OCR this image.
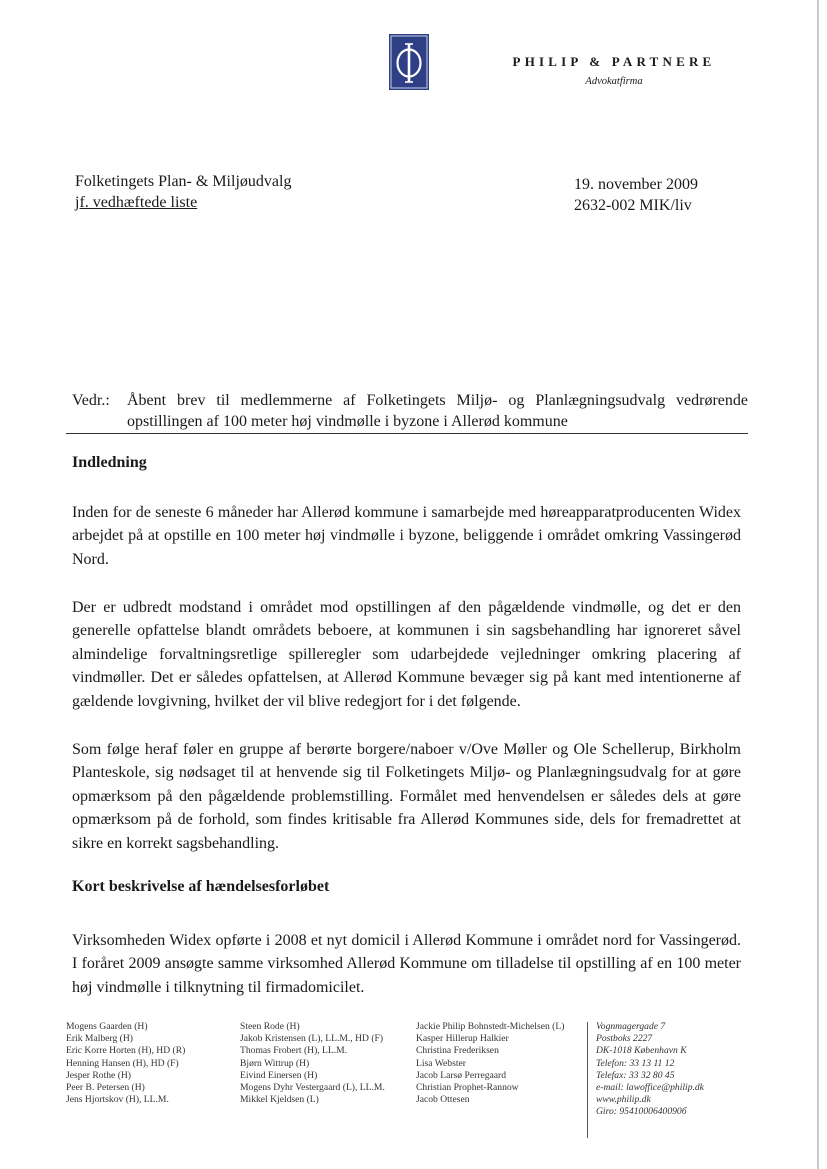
PHILIP & PARTNERE
Advokatfirma
Folketingets Plan- & Miljøudvalg
jf. vedhæftede liste
19. november 2009
2632-002 MIK/liv
Vedr.: Åbent brev til medlemmerne af Folketingets Miljø- og Planlægningsudvalg vedrørende opstillingen af 100 meter høj vindmølle i byzone i Allerød kommune
Indledning
Inden for de seneste 6 måneder har Allerød kommune i samarbejde med høreapparatproducenten Widex arbejdet på at opstille en 100 meter høj vindmølle i byzone, beliggende i området omkring Vassingerød Nord.
Der er udbredt modstand i området mod opstillingen af den pågældende vindmølle, og det er den generelle opfattelse blandt områdets beboere, at kommunen i sin sagsbehandling har ignoreret såvel almindelige forvaltningsretlige spilleregler som udarbejdede vejledninger omkring placering af vindmøller. Det er således opfattelsen, at Allerød Kommune bevæger sig på kant med intentionerne af gældende lovgivning, hvilket der vil blive redegjort for i det følgende.
Som følge heraf føler en gruppe af berørte borgere/naboer v/Ove Møller og Ole Schellerup, Birkholm Planteskole, sig nødsaget til at henvende sig til Folketingets Miljø- og Planlægningsudvalg for at gøre opmærksom på den pågældende problemstilling. Formålet med henvendelsen er således dels at gøre opmærksom på de forhold, som findes kritisable fra Allerød Kommunes side, dels for fremadrettet at sikre en korrekt sagsbehandling.
Kort beskrivelse af hændelsesforløbet
Virksomheden Widex opførte i 2008 et nyt domicil i Allerød Kommune i området nord for Vassingerød. I foråret 2009 ansøgte samme virksomhed Allerød Kommune om tilladelse til opstilling af en 100 meter høj vindmølle i tilknytning til firmadomicilet.
Mogens Gaarden (H)
Erik Malberg (H)
Eric Korre Horten (H), HD (R)
Henning Hansen (H), HD (F)
Jesper Rothe (H)
Peer B. Petersen (H)
Jens Hjortskov (H), LL.M.
Steen Rode (H)
Jakob Kristensen (L), LL.M., HD (F)
Thomas Frobert (H), LL.M.
Bjørn Wittrup (H)
Eivind Einersen (H)
Mogens Dyhr Vestergaard (L), LL.M.
Mikkel Kjeldsen (L)
Jackie Philip Bohnstedt-Michelsen (L)
Kasper Hillerup Halkier
Christina Frederiksen
Lisa Webster
Jacob Larsø Perregaard
Christian Prophet-Rannow
Jacob Ottesen
Vognmagergade 7
Postboks 2227
DK-1018 København K
Telefon: 33 13 11 12
Telefax: 33 32 80 45
e-mail: lawoffice@philip.dk
www.philip.dk
Giro: 9541000640090б
